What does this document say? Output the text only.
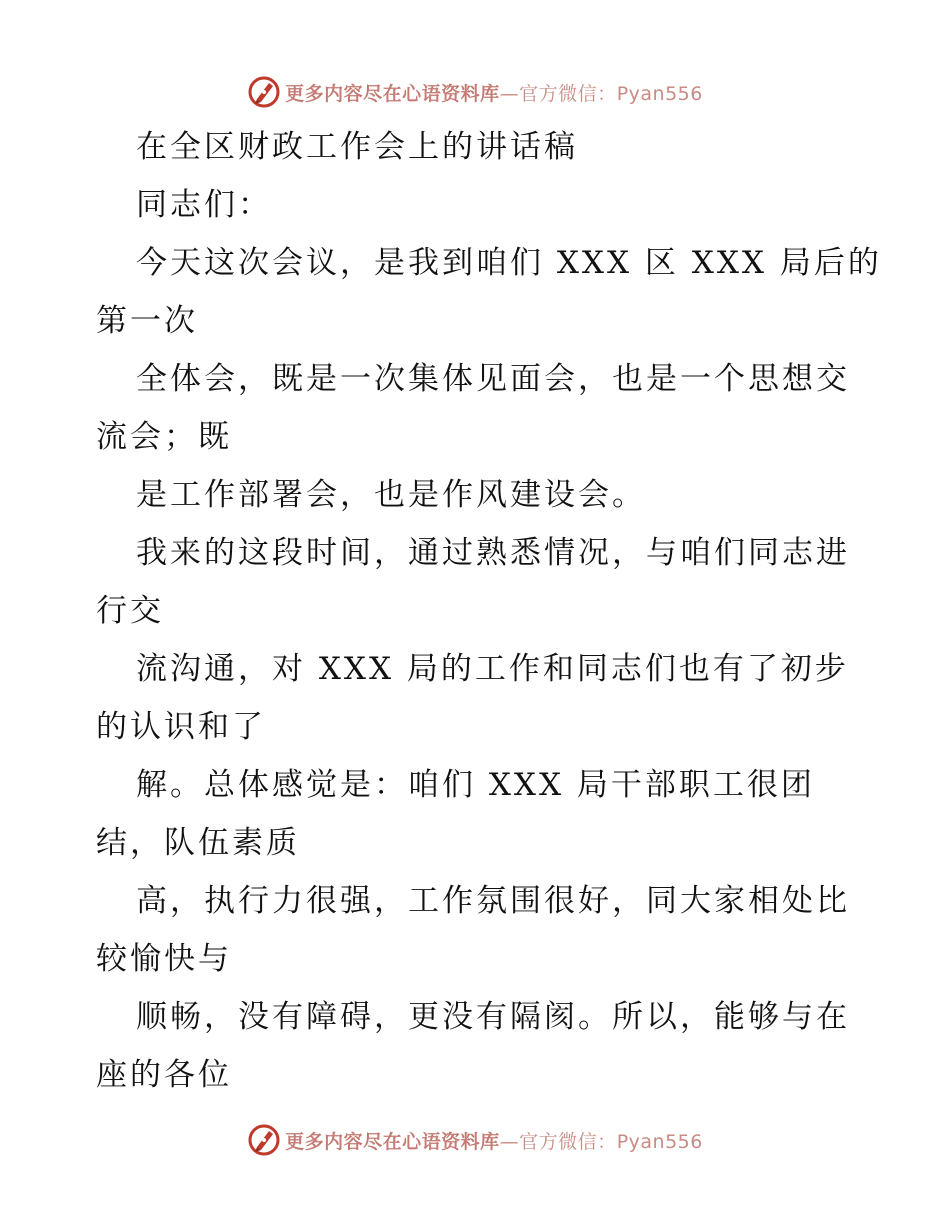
更多内容尽在心语资料库—官方微信：Pyan556
在全区财政工作会上的讲话稿
同志们：
今天这次会议，是我到咱们 XXX 区 XXX 局后的
第一次
全体会，既是一次集体见面会，也是一个思想交
流会；既
是工作部署会，也是作风建设会。
我来的这段时间，通过熟悉情况，与咱们同志进
行交
流沟通，对 XXX 局的工作和同志们也有了初步
的认识和了
解。总体感觉是：咱们 XXX 局干部职工很团
结，队伍素质
高，执行力很强，工作氛围很好，同大家相处比
较愉快与
顺畅，没有障碍，更没有隔阂。所以，能够与在
座的各位
更多内容尽在心语资料库—官方微信：Pyan556
